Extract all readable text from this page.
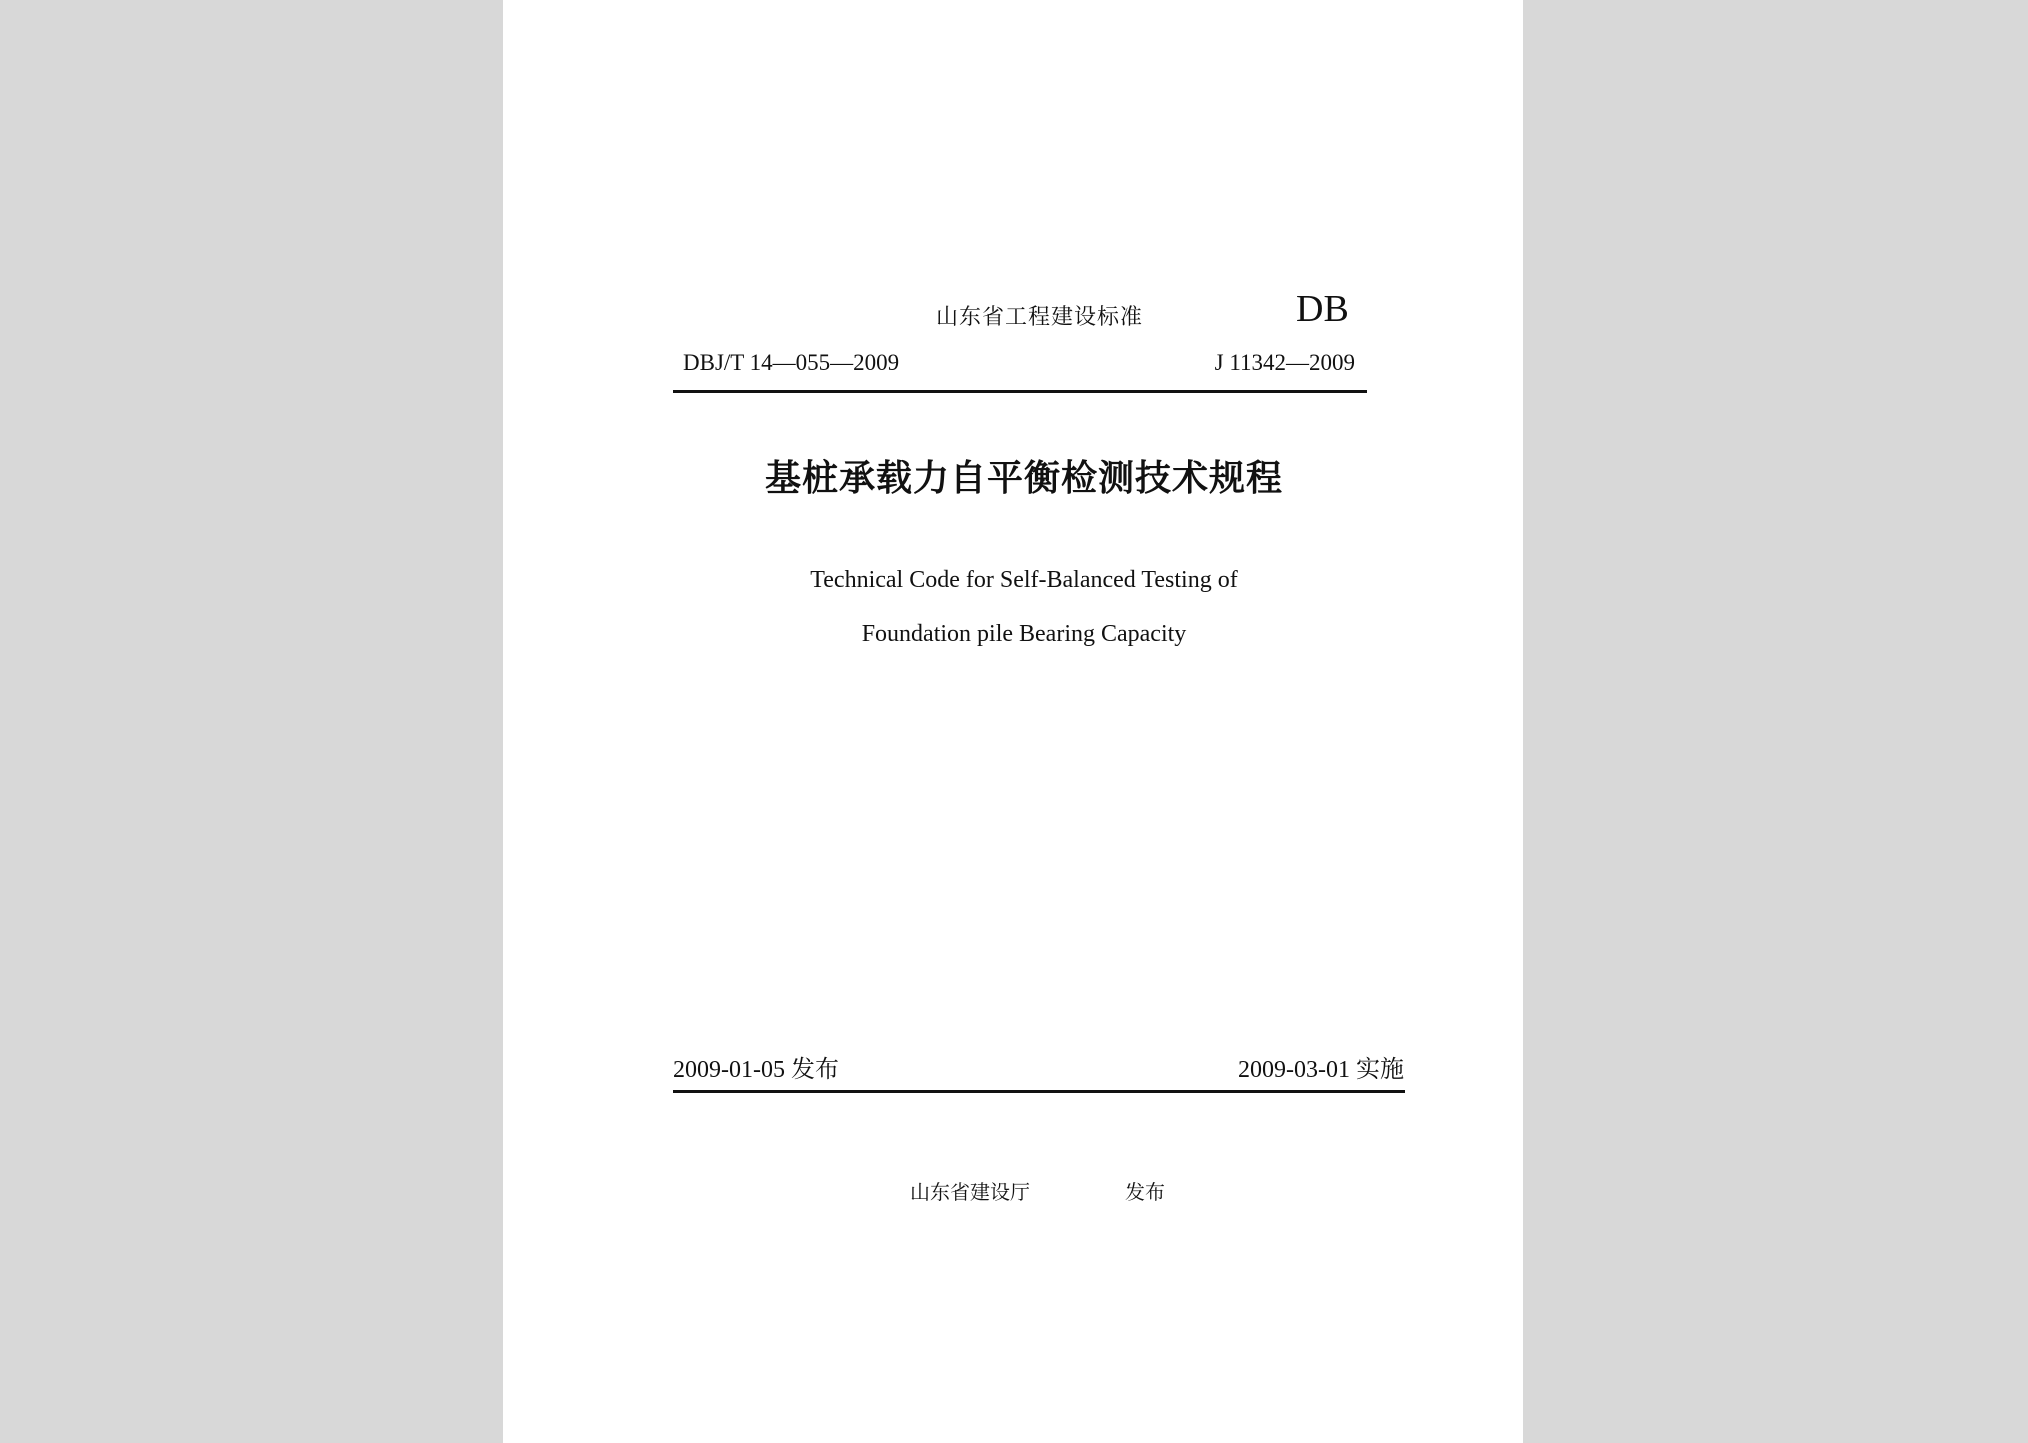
山东省工程建设标准	DB
DBJ/T 14—055—2009	J 11342—2009
基桩承载力自平衡检测技术规程
Technical Code for Self-Balanced Testing of
Foundation pile Bearing Capacity
2009-01-05 发布	2009-03-01 实施
山东省建设厅	发布
